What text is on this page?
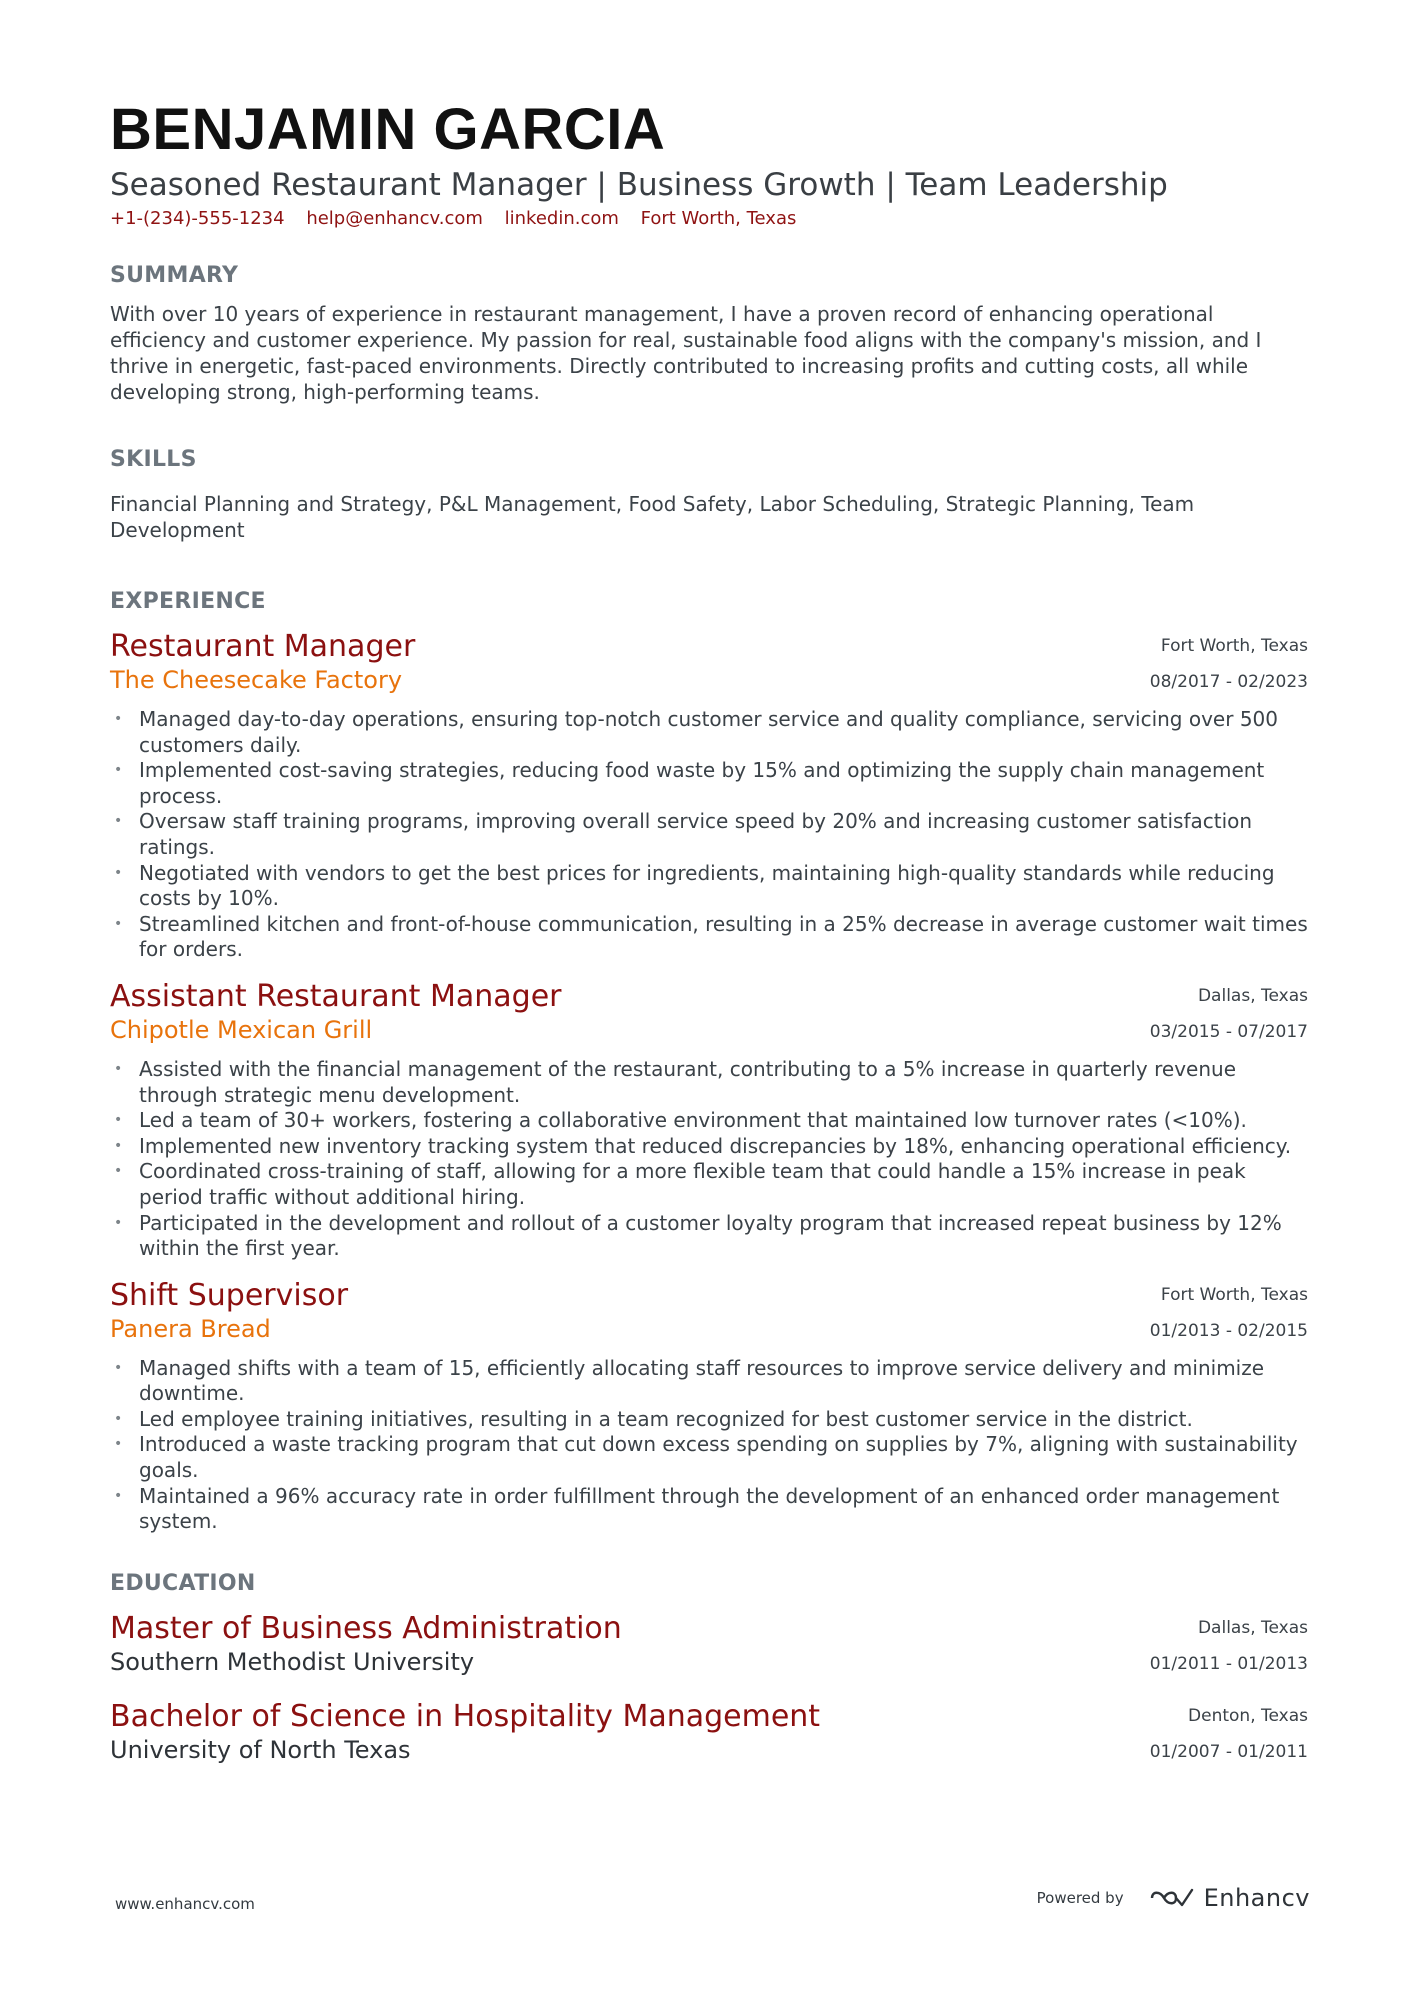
BENJAMIN GARCIA
Seasoned Restaurant Manager | Business Growth | Team Leadership
+1-(234)-555-1234 help@enhancv.com linkedin.com Fort Worth, Texas
SUMMARY
With over 10 years of experience in restaurant management, I have a proven record of enhancing operational efficiency and customer experience. My passion for real, sustainable food aligns with the company's mission, and I thrive in energetic, fast-paced environments. Directly contributed to increasing profits and cutting costs, all while developing strong, high-performing teams.
SKILLS
Financial Planning and Strategy, P&L Management, Food Safety, Labor Scheduling, Strategic Planning, Team Development
EXPERIENCE
Restaurant Manager
The Cheesecake Factory
Fort Worth, Texas
08/2017 - 02/2023
• Managed day-to-day operations, ensuring top-notch customer service and quality compliance, servicing over 500 customers daily.
• Implemented cost-saving strategies, reducing food waste by 15% and optimizing the supply chain management process.
• Oversaw staff training programs, improving overall service speed by 20% and increasing customer satisfaction ratings.
• Negotiated with vendors to get the best prices for ingredients, maintaining high-quality standards while reducing costs by 10%.
• Streamlined kitchen and front-of-house communication, resulting in a 25% decrease in average customer wait times for orders.
Assistant Restaurant Manager
Chipotle Mexican Grill
Dallas, Texas
03/2015 - 07/2017
• Assisted with the financial management of the restaurant, contributing to a 5% increase in quarterly revenue through strategic menu development.
• Led a team of 30+ workers, fostering a collaborative environment that maintained low turnover rates (<10%).
• Implemented new inventory tracking system that reduced discrepancies by 18%, enhancing operational efficiency.
• Coordinated cross-training of staff, allowing for a more flexible team that could handle a 15% increase in peak period traffic without additional hiring.
• Participated in the development and rollout of a customer loyalty program that increased repeat business by 12% within the first year.
Shift Supervisor
Panera Bread
Fort Worth, Texas
01/2013 - 02/2015
• Managed shifts with a team of 15, efficiently allocating staff resources to improve service delivery and minimize downtime.
• Led employee training initiatives, resulting in a team recognized for best customer service in the district.
• Introduced a waste tracking program that cut down excess spending on supplies by 7%, aligning with sustainability goals.
• Maintained a 96% accuracy rate in order fulfillment through the development of an enhanced order management system.
EDUCATION
Master of Business Administration
Southern Methodist University
Dallas, Texas
01/2011 - 01/2013
Bachelor of Science in Hospitality Management
University of North Texas
Denton, Texas
01/2007 - 01/2011
www.enhancv.com	Powered by	Enhancv
